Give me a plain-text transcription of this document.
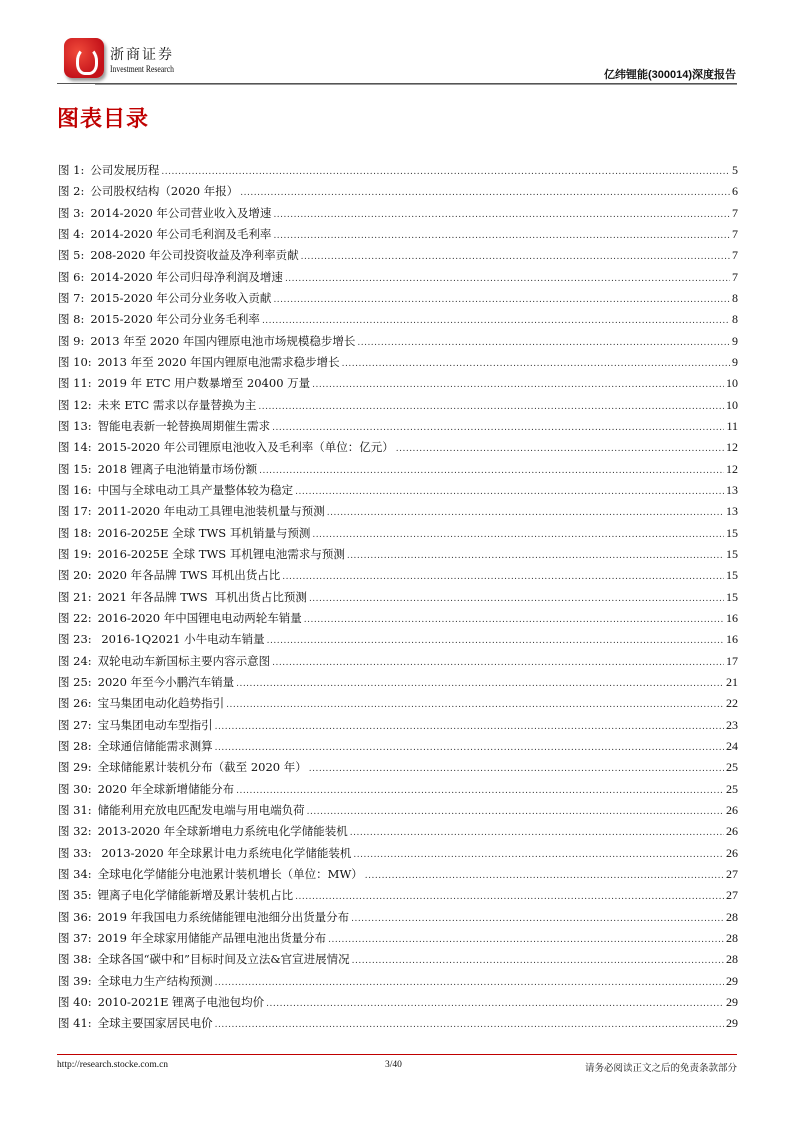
浙商证券
Investment Research	亿纬锂能(300014)深度报告
图表目录
图 1: 公司发展历程 .....	5
图 2: 公司股权结构（2020 年报） .....	6
图 3: 2014-2020 年公司营业收入及增速 .....	7
图 4: 2014-2020 年公司毛利润及毛利率 .....	7
图 5: 208-2020 年公司投资收益及净利率贡献 .....	7
图 6: 2014-2020 年公司归母净利润及增速 .....	7
图 7: 2015-2020 年公司分业务收入贡献 .....	8
图 8: 2015-2020 年公司分业务毛利率 .....	8
图 9: 2013 年至 2020 年国内锂原电池市场规模稳步增长 .....	9
图 10: 2013 年至 2020 年国内锂原电池需求稳步增长 .....	9
图 11: 2019 年 ETC 用户数暴增至 20400 万量 .....	10
图 12: 未来 ETC 需求以存量替换为主 .....	10
图 13: 智能电表新一轮替换周期催生需求 .....	11
图 14: 2015-2020 年公司锂原电池收入及毛利率（单位：亿元） .....	12
图 15: 2018 锂离子电池销量市场份额 .....	12
图 16: 中国与全球电动工具产量整体较为稳定 .....	13
图 17: 2011-2020 年电动工具锂电池装机量与预测 .....	13
图 18: 2016-2025E 全球 TWS 耳机销量与预测 .....	15
图 19: 2016-2025E 全球 TWS 耳机锂电池需求与预测 .....	15
图 20: 2020 年各品牌 TWS 耳机出货占比 .....	15
图 21: 2021 年各品牌 TWS  耳机出货占比预测 .....	15
图 22: 2016-2020 年中国锂电电动两轮车销量 .....	16
图 23: 2016-1Q2021 小牛电动车销量 .....	16
图 24: 双轮电动车新国标主要内容示意图 .....	17
图 25: 2020 年至今小鹏汽车销量 .....	21
图 26: 宝马集团电动化趋势指引 .....	22
图 27: 宝马集团电动车型指引 .....	23
图 28: 全球通信储能需求测算 .....	24
图 29: 全球储能累计装机分布（截至 2020 年） .....	25
图 30: 2020 年全球新增储能分布 .....	25
图 31: 储能利用充放电匹配发电端与用电端负荷 .....	26
图 32: 2013-2020 年全球新增电力系统电化学储能装机 .....	26
图 33: 2013-2020 年全球累计电力系统电化学储能装机 .....	26
图 34: 全球电化学储能分电池累计装机增长（单位：MW） .....	27
图 35: 锂离子电化学储能新增及累计装机占比 .....	27
图 36: 2019 年我国电力系统储能锂电池细分出货量分布 .....	28
图 37: 2019 年全球家用储能产品锂电池出货量分布 .....	28
图 38: 全球各国“碳中和”目标时间及立法&官宣进展情况 .....	28
图 39: 全球电力生产结构预测 .....	29
图 40: 2010-2021E 锂离子电池包均价 .....	29
图 41: 全球主要国家居民电价 .....	29
http://research.stocke.com.cn	3/40	请务必阅读正文之后的免责条款部分
